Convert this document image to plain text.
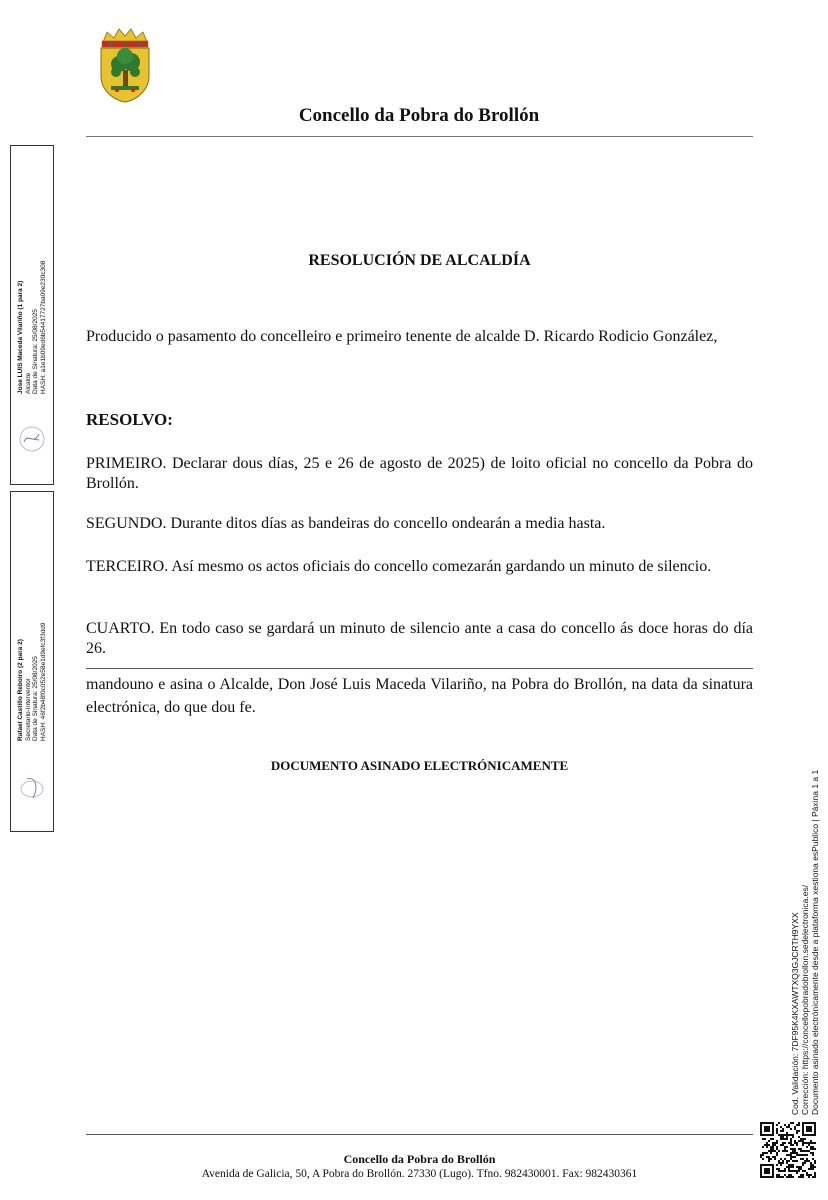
Concello da Pobra do Brollón
Jose LUIS Maceda Vilariño (1 para 2) Alcalde Data de Sinatura: 25/08/2025 HASH: a1e1b09ed6b54417727ba09e230c308
Rafael Castillo Reboiro (2 para 2) Secretario-Interventor Data de Sinatura: 25/08/2025 HASH: 46f2b48f0c052e58e1d9efc3f3dd9
RESOLUCIÓN DE ALCALDÍA
Producido o pasamento do concelleiro e primeiro tenente de alcalde D. Ricardo Rodicio González,
RESOLVO:
PRIMEIRO. Declarar dous días, 25 e 26 de agosto de 2025) de loito oficial no concello da Pobra do Brollón.
SEGUNDO. Durante ditos días as bandeiras do concello ondearán a media hasta.
TERCEIRO. Así mesmo os actos oficiais do concello comezarán gardando un minuto de silencio.
CUARTO. En todo caso se gardará un minuto de silencio ante a casa do concello ás doce horas do día 26.
mandouno e asina o Alcalde, Don José Luis Maceda Vilariño, na Pobra do Brollón, na data da sinatura electrónica, do que dou fe.
DOCUMENTO ASINADO ELECTRÓNICAMENTE
Cod. Validación: 7DF95K4KXAWTXQ3GJCRTH9YXX Corrección: https://concellopobradobrollon.sedelectronica.es/ Documento asinado electrónicamente desde a plataforma xestiona esPublico | Páxina 1 a 1
Concello da Pobra do Brollón
Avenida de Galicia, 50, A Pobra do Brollón. 27330 (Lugo). Tfno. 982430001. Fax: 982430361
